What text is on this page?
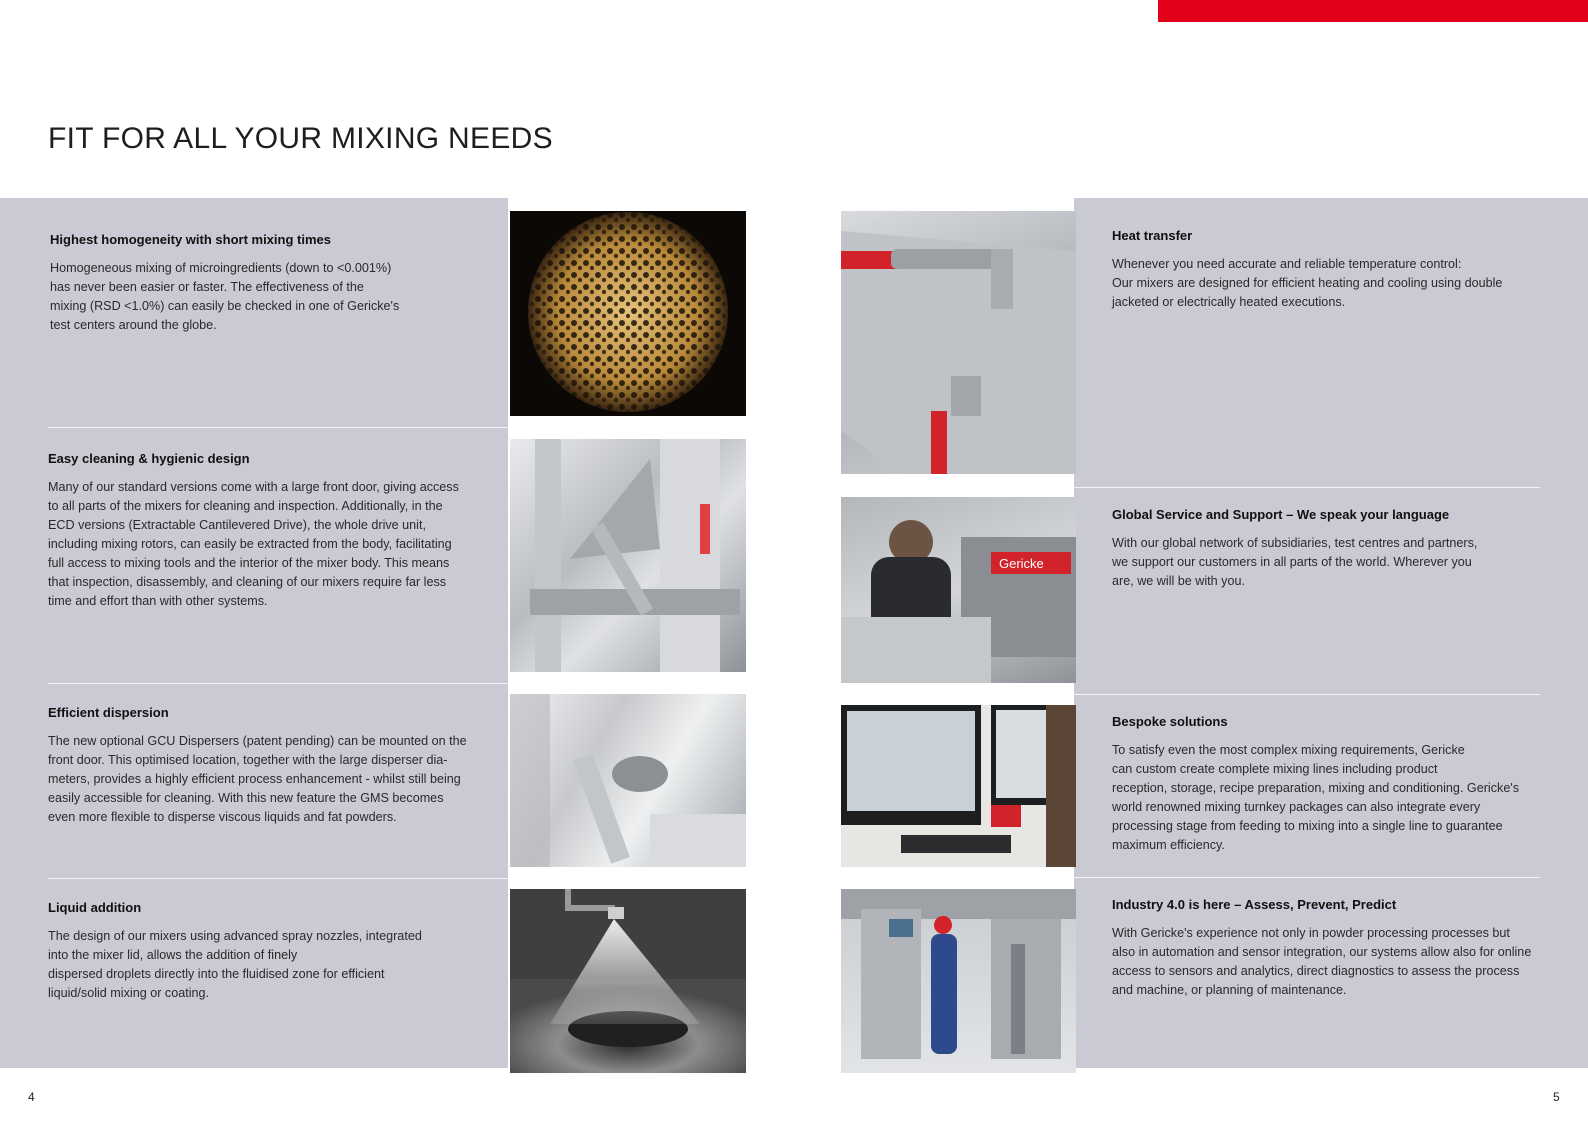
FIT FOR ALL YOUR MIXING NEEDS
Highest homogeneity with short mixing times

Homogeneous mixing of microingredients (down to <0.001%)
has never been easier or faster. The effectiveness of the
mixing (RSD <1.0%) can easily be checked in one of Gericke's
test centers around the globe.

Easy cleaning & hygienic design

Many of our standard versions come with a large front door, giving access
to all parts of the mixers for cleaning and inspection. Additionally, in the
ECD versions (Extractable Cantilevered Drive), the whole drive unit,
including mixing rotors, can easily be extracted from the body, facilitating
full access to mixing tools and the interior of the mixer body. This means
that inspection, disassembly, and cleaning of our mixers require far less
time and effort than with other systems.

Efficient dispersion

The new optional GCU Dispersers (patent pending) can be mounted on the
front door. This optimised location, together with the large disperser dia-
meters, provides a highly efficient process enhancement - whilst still being
easily accessible for cleaning. With this new feature the GMS becomes
even more flexible to disperse viscous liquids and fat powders.

Liquid addition

The design of our mixers using advanced spray nozzles, integrated
into the mixer lid, allows the addition of finely
dispersed droplets directly into the fluidised zone for efficient
liquid/solid mixing or coating.

Heat transfer

Whenever you need accurate and reliable temperature control:
Our mixers are designed for efficient heating and cooling using double
jacketed or electrically heated executions.

Global Service and Support – We speak your language

With our global network of subsidiaries, test centres and partners,
we support our customers in all parts of the world. Wherever you
are, we will be with you.

Bespoke solutions

To satisfy even the most complex mixing requirements, Gericke
can custom create complete mixing lines including product
reception, storage, recipe preparation, mixing and conditioning. Gericke's
world renowned mixing turnkey packages can also integrate every
processing stage from feeding to mixing into a single line to guarantee
maximum efficiency.

Industry 4.0 is here – Assess, Prevent, Predict

With Gericke's experience not only in powder processing processes but
also in automation and sensor integration, our systems allow also for online
access to sensors and analytics, direct diagnostics to assess the process
and machine, or planning of maintenance.

Gericke
4	5
